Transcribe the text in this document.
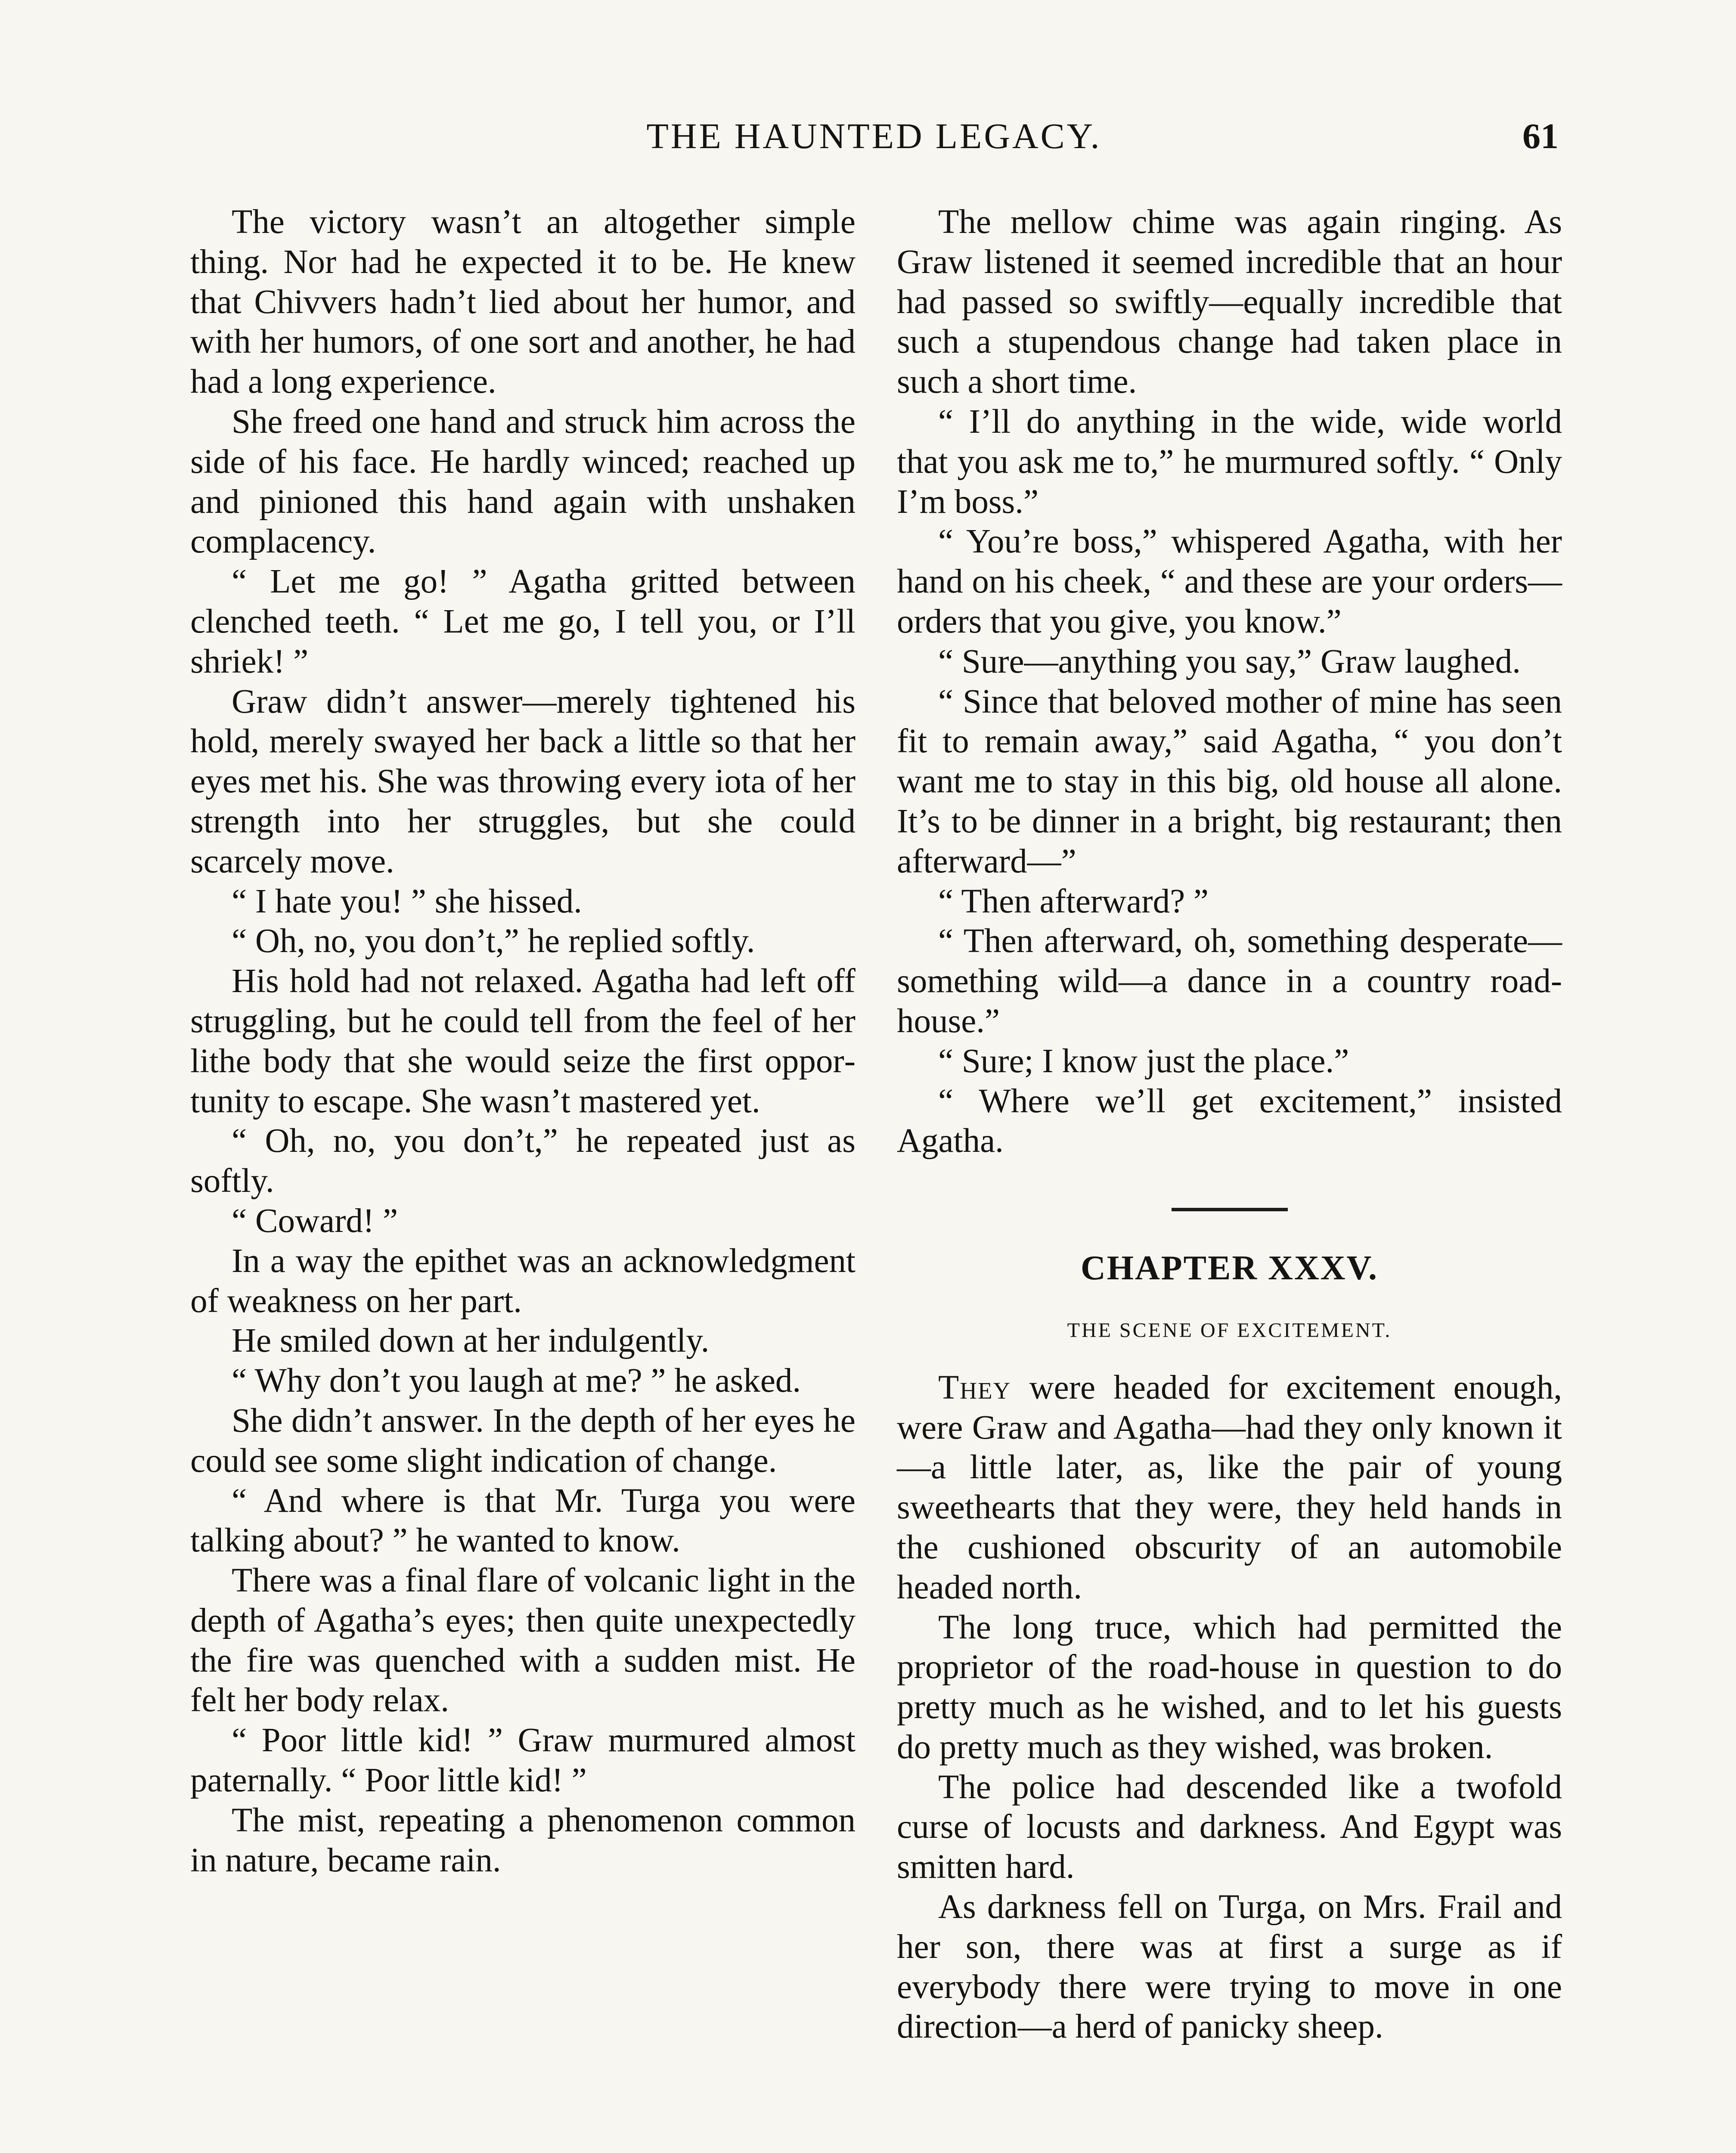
THE HAUNTED LEGACY.	61

The victory wasn’t an altogether simple thing. Nor had he expected it to be. He knew that Chivvers hadn’t lied about her humor, and with her humors, of one sort and another, he had had a long experience.

She freed one hand and struck him across the side of his face. He hardly winced; reached up and pinioned this hand again with unshaken complacency.

“ Let me go! ” Agatha gritted between clenched teeth. “ Let me go, I tell you, or I’ll shriek! ”

Graw didn’t answer—merely tightened his hold, merely swayed her back a little so that her eyes met his. She was throwing every iota of her strength into her struggles, but she could scarcely move.

“ I hate you! ” she hissed.

“ Oh, no, you don’t,” he replied softly.

His hold had not relaxed. Agatha had left off struggling, but he could tell from the feel of her lithe body that she would seize the first opportunity to escape. She wasn’t mastered yet.

“ Oh, no, you don’t,” he repeated just as softly.

“ Coward! ”

In a way the epithet was an acknowledgment of weakness on her part.

He smiled down at her indulgently.

“ Why don’t you laugh at me? ” he asked.

She didn’t answer. In the depth of her eyes he could see some slight indication of change.

“ And where is that Mr. Turga you were talking about? ” he wanted to know.

There was a final flare of volcanic light in the depth of Agatha’s eyes; then quite unexpectedly the fire was quenched with a sudden mist. He felt her body relax.

“ Poor little kid! ” Graw murmured almost paternally. “ Poor little kid! ”

The mist, repeating a phenomenon common in nature, became rain.

The mellow chime was again ringing. As Graw listened it seemed incredible that an hour had passed so swiftly—equally incredible that such a stupendous change had taken place in such a short time.

“ I’ll do anything in the wide, wide world that you ask me to,” he murmured softly. “ Only I’m boss.”

“ You’re boss,” whispered Agatha, with her hand on his cheek, “ and these are your orders—orders that you give, you know.”

“ Sure—anything you say,” Graw laughed.

“ Since that beloved mother of mine has seen fit to remain away,” said Agatha, “ you don’t want me to stay in this big, old house all alone. It’s to be dinner in a bright, big restaurant; then afterward—”

“ Then afterward? ”

“ Then afterward, oh, something desperate—something wild—a dance in a country road-house.”

“ Sure; I know just the place.”

“ Where we’ll get excitement,” insisted Agatha.

CHAPTER XXXV.
THE SCENE OF EXCITEMENT.

They were headed for excitement enough, were Graw and Agatha—had they only known it—a little later, as, like the pair of young sweethearts that they were, they held hands in the cushioned obscurity of an automobile headed north.

The long truce, which had permitted the proprietor of the road-house in question to do pretty much as he wished, and to let his guests do pretty much as they wished, was broken.

The police had descended like a twofold curse of locusts and darkness. And Egypt was smitten hard.

As darkness fell on Turga, on Mrs. Frail and her son, there was at first a surge as if everybody there were trying to move in one direction—a herd of panicky sheep.
